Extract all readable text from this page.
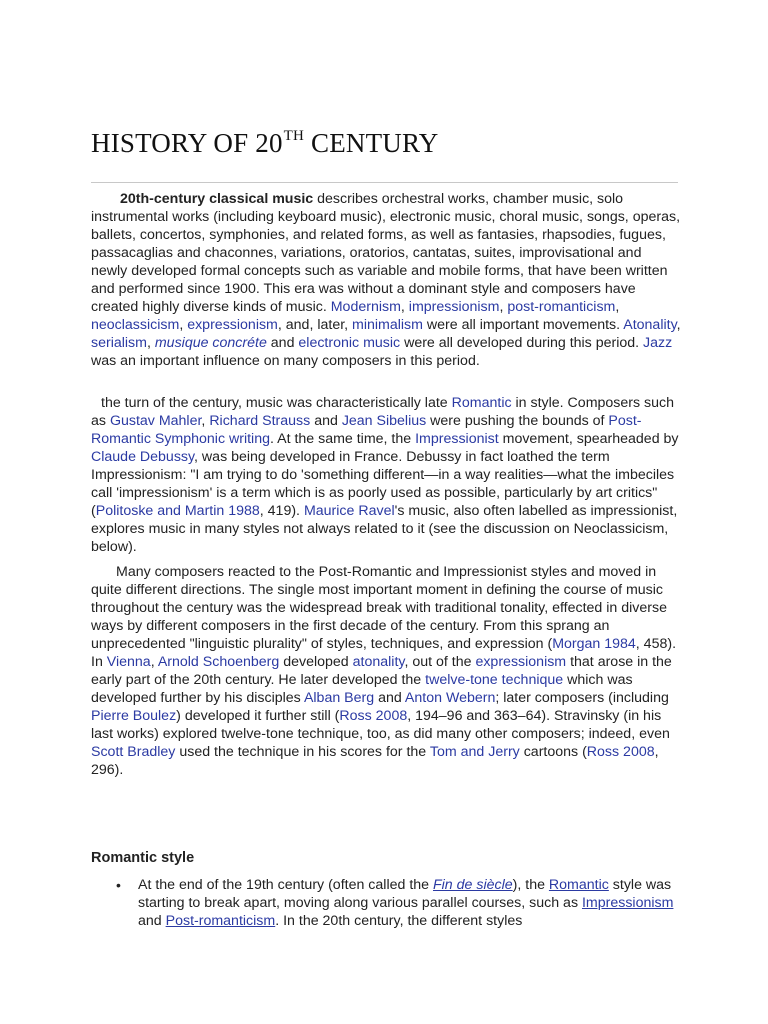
HISTORY OF 20TH CENTURY

20th-century classical music describes orchestral works, chamber music, solo instrumental works (including keyboard music), electronic music, choral music, songs, operas, ballets, concertos, symphonies, and related forms, as well as fantasies, rhapsodies, fugues, passacaglias and chaconnes, variations, oratorios, cantatas, suites, improvisational and newly developed formal concepts such as variable and mobile forms, that have been written and performed since 1900. This era was without a dominant style and composers have created highly diverse kinds of music. Modernism, impressionism, post-romanticism, neoclassicism, expressionism, and, later, minimalism were all important movements. Atonality, serialism, musique concréte and electronic music were all developed during this period. Jazz was an important influence on many composers in this period.

the turn of the century, music was characteristically late Romantic in style. Composers such as Gustav Mahler, Richard Strauss and Jean Sibelius were pushing the bounds of Post-Romantic Symphonic writing. At the same time, the Impressionist movement, spearheaded by Claude Debussy, was being developed in France. Debussy in fact loathed the term Impressionism: "I am trying to do 'something different—in a way realities—what the imbeciles call 'impressionism' is a term which is as poorly used as possible, particularly by art critics" (Politoske and Martin 1988, 419). Maurice Ravel's music, also often labelled as impressionist, explores music in many styles not always related to it (see the discussion on Neoclassicism, below).

Many composers reacted to the Post-Romantic and Impressionist styles and moved in quite different directions. The single most important moment in defining the course of music throughout the century was the widespread break with traditional tonality, effected in diverse ways by different composers in the first decade of the century. From this sprang an unprecedented "linguistic plurality" of styles, techniques, and expression (Morgan 1984, 458). In Vienna, Arnold Schoenberg developed atonality, out of the expressionism that arose in the early part of the 20th century. He later developed the twelve-tone technique which was developed further by his disciples Alban Berg and Anton Webern; later composers (including Pierre Boulez) developed it further still (Ross 2008, 194–96 and 363–64). Stravinsky (in his last works) explored twelve-tone technique, too, as did many other composers; indeed, even Scott Bradley used the technique in his scores for the Tom and Jerry cartoons (Ross 2008, 296).

Romantic style
• At the end of the 19th century (often called the Fin de siècle), the Romantic style was starting to break apart, moving along various parallel courses, such as Impressionism and Post-romanticism. In the 20th century, the different styles
